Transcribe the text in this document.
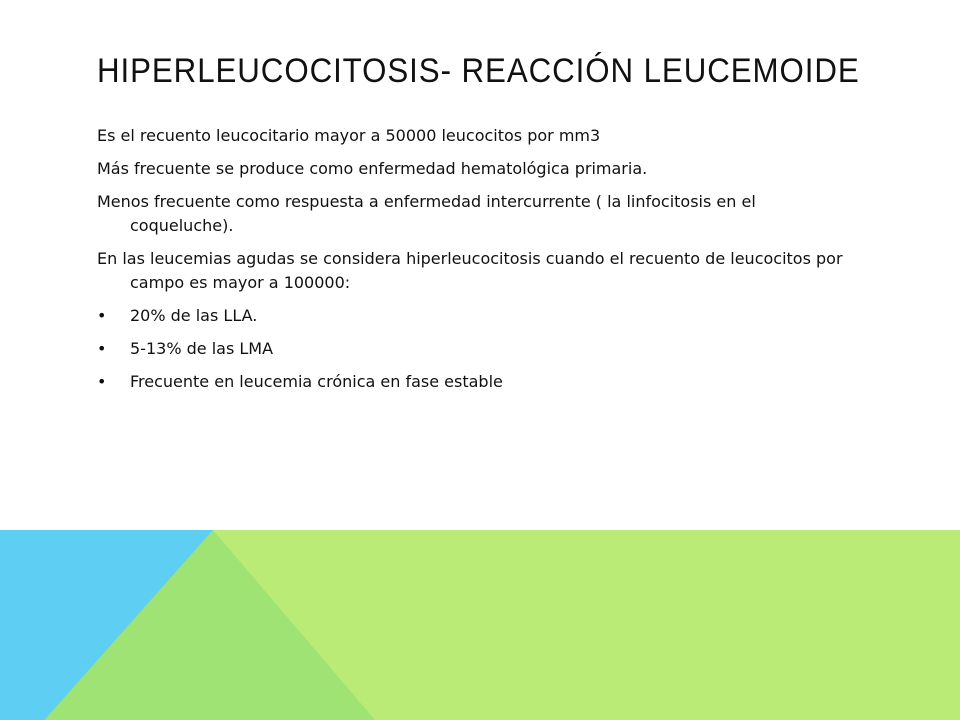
HIPERLEUCOCITOSIS- REACCIÓN LEUCEMOIDE

Es el recuento leucocitario mayor a 50000 leucocitos por mm3

Más frecuente se produce como enfermedad hematológica primaria.

Menos frecuente como respuesta a enfermedad intercurrente ( la linfocitosis en el coqueluche).

En las leucemias agudas se considera hiperleucocitosis cuando el recuento de leucocitos por campo es mayor a 100000:

• 20% de las LLA.
• 5-13% de las LMA
• Frecuente en leucemia crónica en fase estable
